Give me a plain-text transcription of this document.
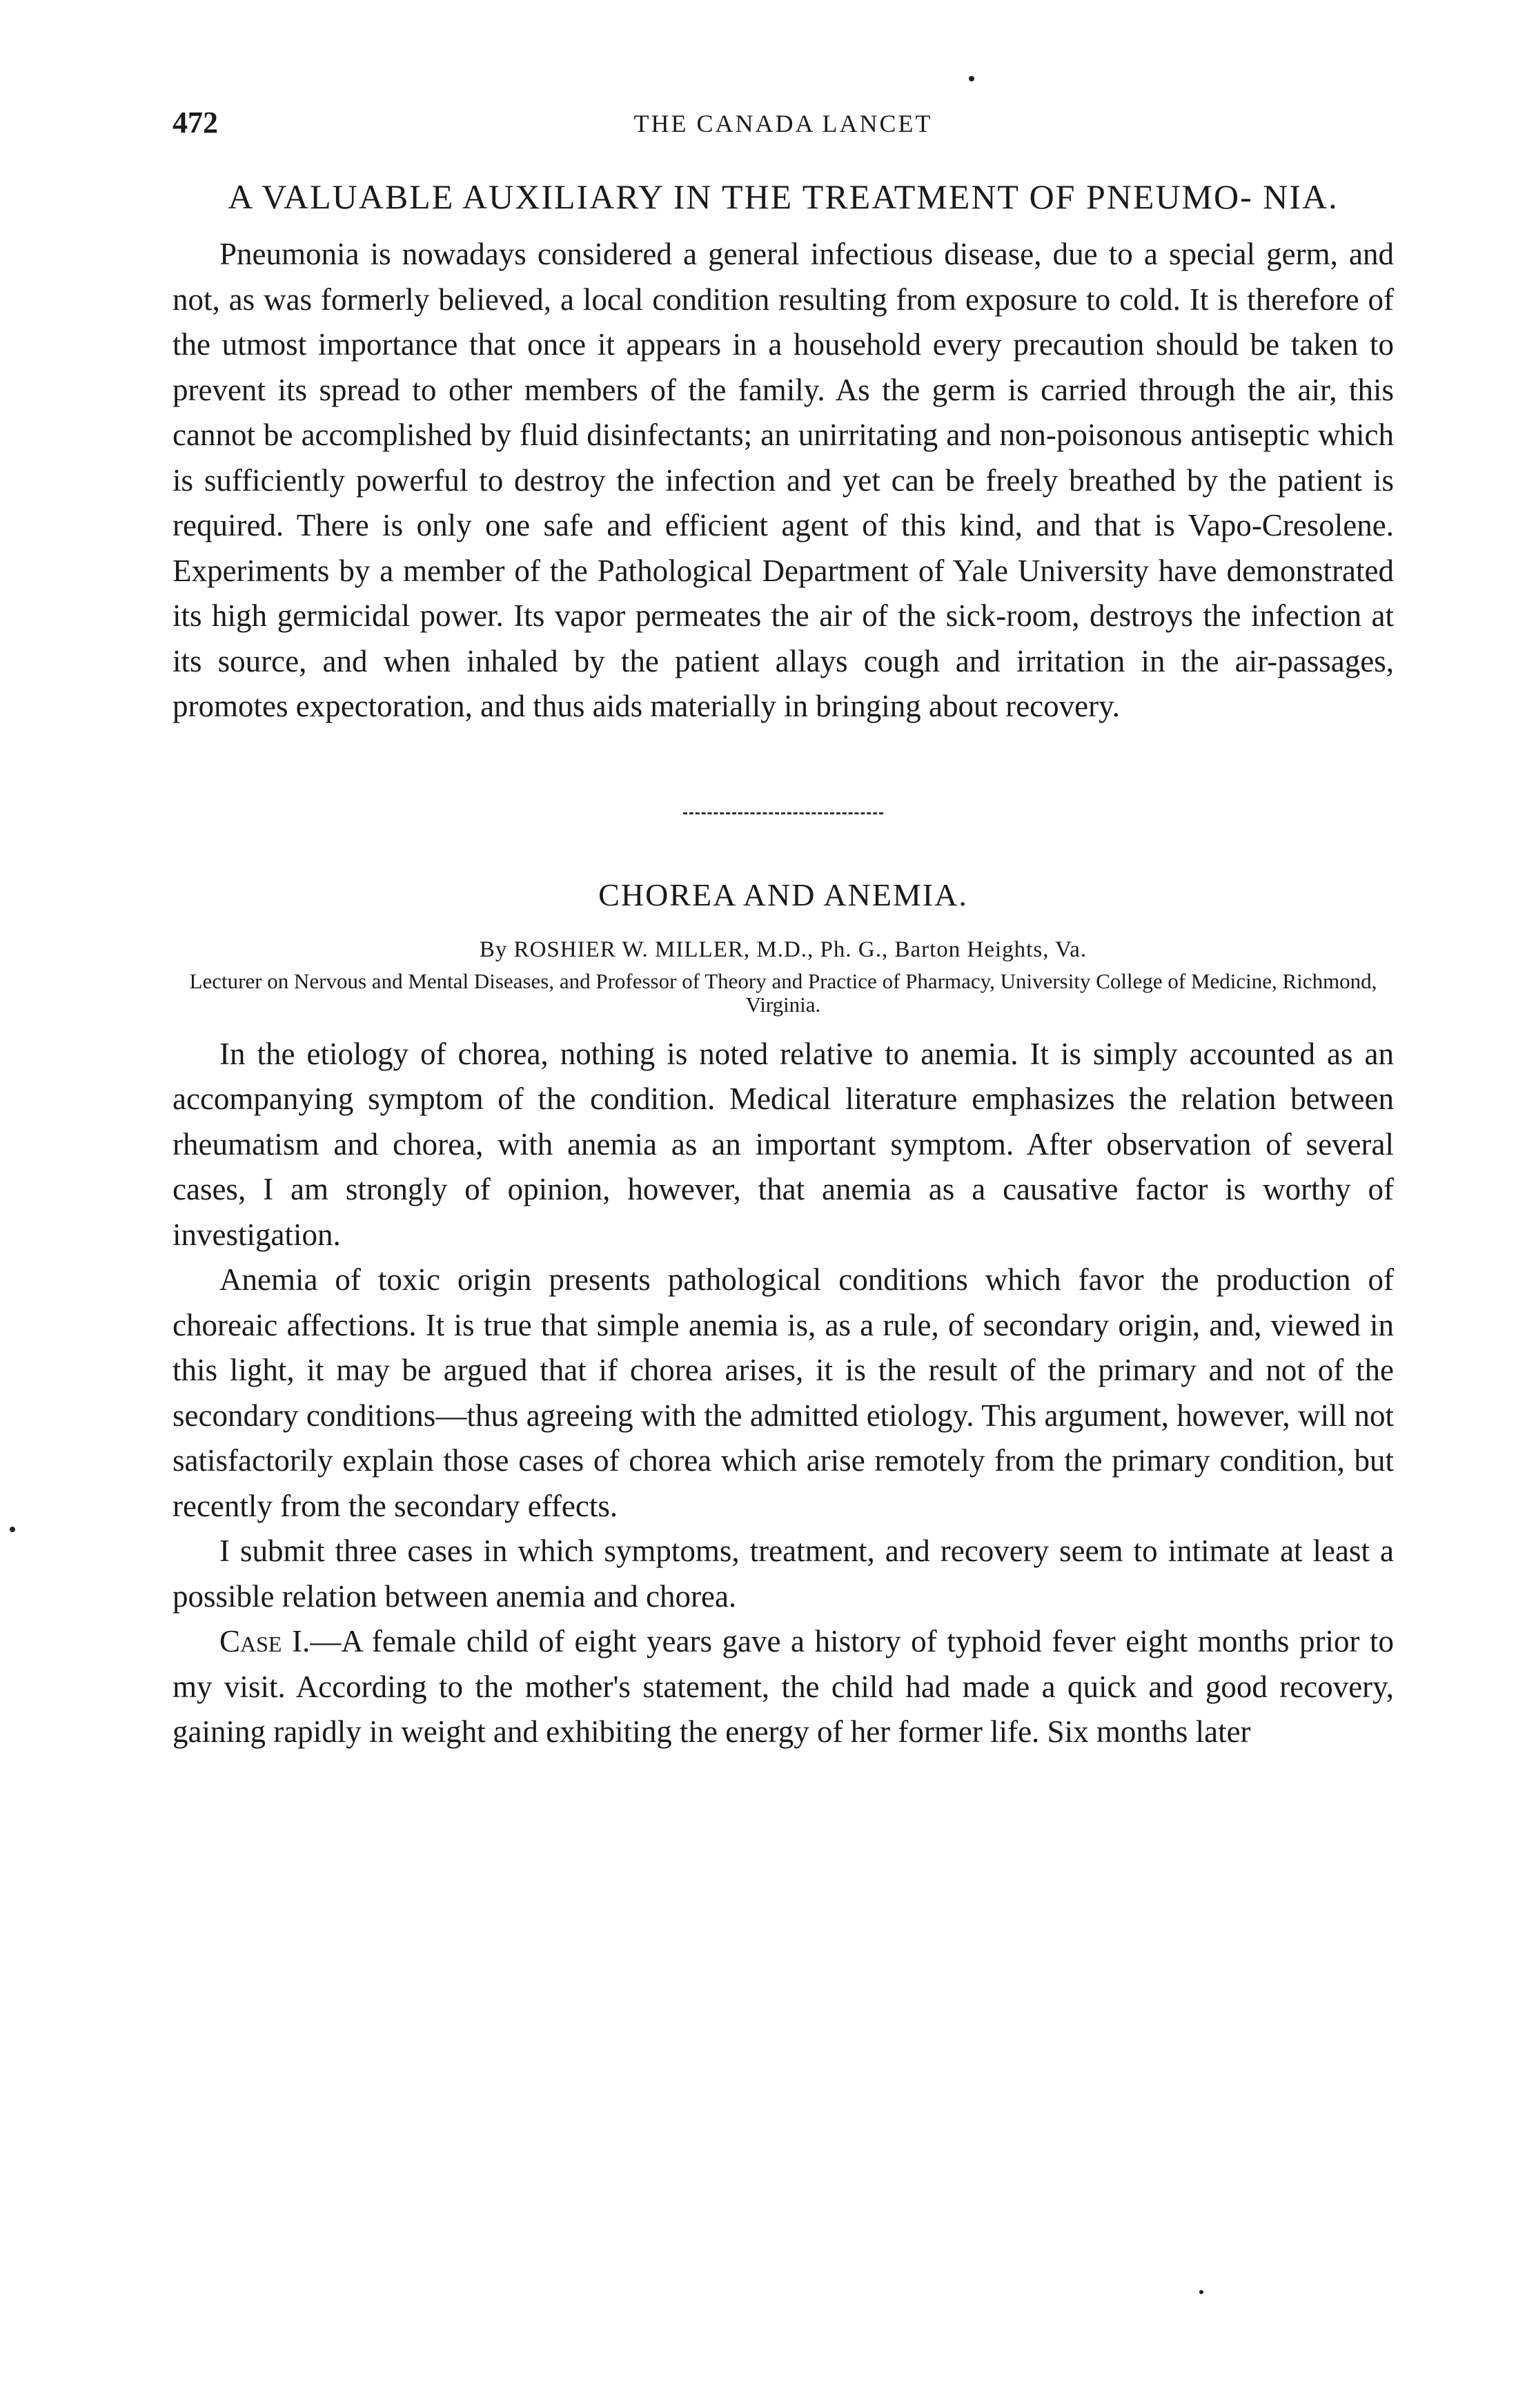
472	THE CANADA LANCET
A VALUABLE AUXILIARY IN THE TREATMENT OF PNEUMO- NIA.

Pneumonia is nowadays considered a general infectious disease, due to a special germ, and not, as was formerly believed, a local condition resulting from exposure to cold. It is therefore of the utmost importance that once it appears in a household every precaution should be taken to prevent its spread to other members of the family. As the germ is carried through the air, this cannot be accomplished by fluid disinfectants; an unirritating and non-poisonous antiseptic which is sufficiently powerful to destroy the infection and yet can be freely breathed by the patient is required. There is only one safe and efficient agent of this kind, and that is Vapo-Cresolene. Experiments by a member of the Pathological Department of Yale University have demonstrated its high germicidal power. Its vapor permeates the air of the sick-room, destroys the infection at its source, and when inhaled by the patient allays cough and irritation in the air-passages, promotes expectoration, and thus aids materially in bringing about recovery.

CHOREA AND ANEMIA.
By ROSHIER W. MILLER, M.D., Ph. G., Barton Heights, Va.
Lecturer on Nervous and Mental Diseases, and Professor of Theory and Practice of Pharmacy, University College of Medicine, Richmond, Virginia.

In the etiology of chorea, nothing is noted relative to anemia. It is simply accounted as an accompanying symptom of the condition. Medical literature emphasizes the relation between rheumatism and chorea, with anemia as an important symptom. After observation of several cases, I am strongly of opinion, however, that anemia as a causative factor is worthy of investigation.

Anemia of toxic origin presents pathological conditions which favor the production of choreaic affections. It is true that simple anemia is, as a rule, of secondary origin, and, viewed in this light, it may be argued that if chorea arises, it is the result of the primary and not of the secondary conditions—thus agreeing with the admitted etiology. This argument, however, will not satisfactorily explain those cases of chorea which arise remotely from the primary condition, but recently from the secondary effects.

I submit three cases in which symptoms, treatment, and recovery seem to intimate at least a possible relation between anemia and chorea.

Case I.—A female child of eight years gave a history of typhoid fever eight months prior to my visit. According to the mother's statement, the child had made a quick and good recovery, gaining rapidly in weight and exhibiting the energy of her former life. Six months later
